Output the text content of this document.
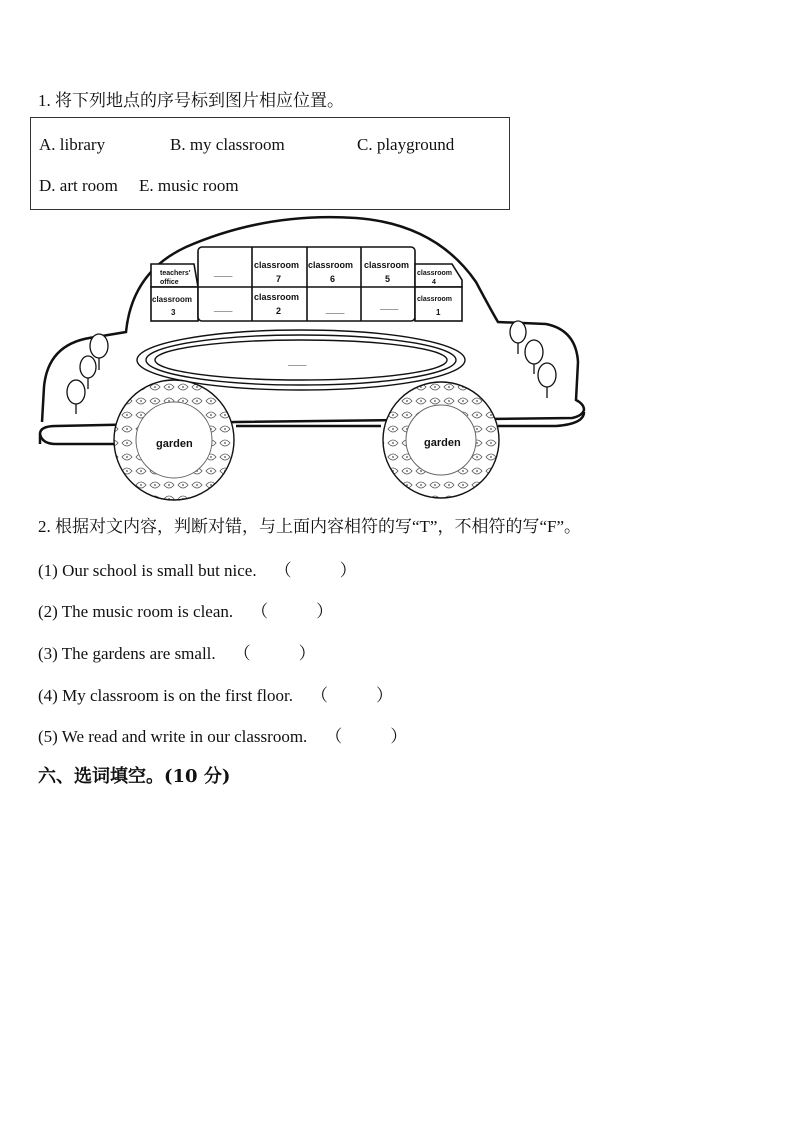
1. 将下列地点的序号标到图片相应位置。
A. library	B. my classroom	C. playground
D. art room E. music room
teachers'
office
___
classroom
7
classroom
6
classroom
5
classroom
4
classroom
3	___
classroom
2	___	___	classroom
1
___
garden	garden
2. 根据对文内容，判断对错，与上面内容相符的写“T”，不相符的写“F”。
(1) Our school is small but nice. （	）
(2) The music room is clean. （	）
(3) The gardens are small. （	）
(4) My classroom is on the first floor. （	）
(5) We read and write in our classroom. （	）
六、选词填空。(10 分)
